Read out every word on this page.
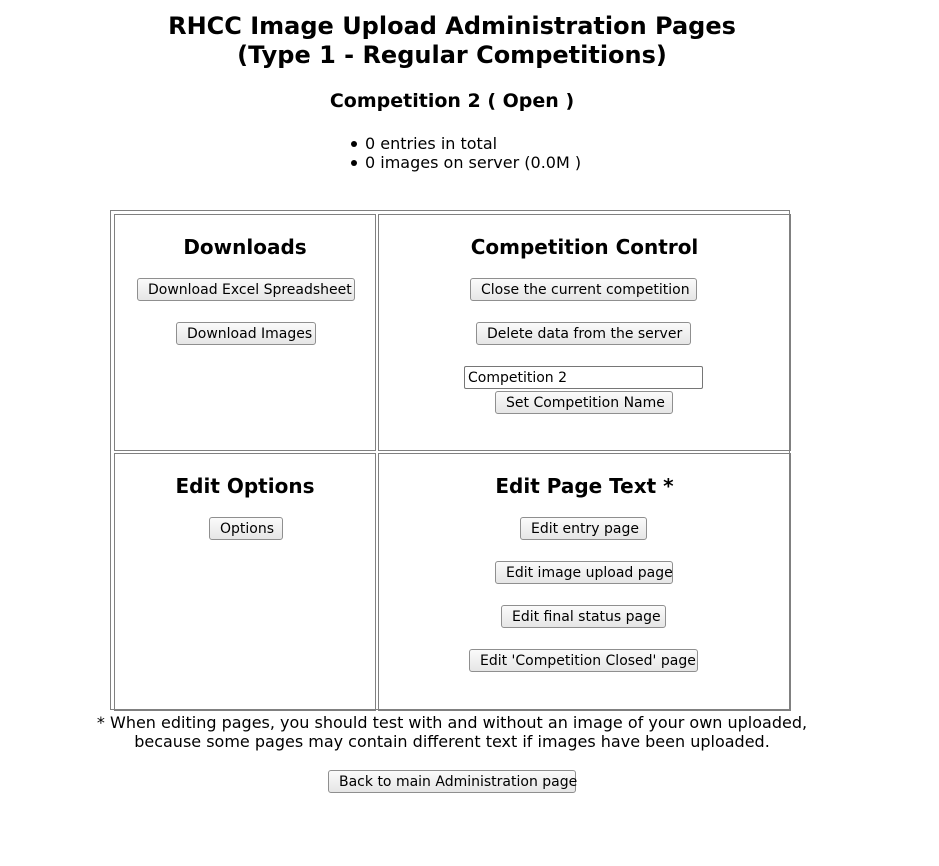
RHCC Image Upload Administration Pages
(Type 1 - Regular Competitions)
Competition 2 ( Open )
0 entries in total
0 images on server (0.0M )
Downloads
Download Excel Spreadsheet
Download Images
Competition Control
Close the current competition
Delete data from the server
Competition 2
Set Competition Name
Edit Options
Options
Edit Page Text *
Edit entry page
Edit image upload page
Edit final status page
Edit 'Competition Closed' page
* When editing pages, you should test with and without an image of your own uploaded,
because some pages may contain different text if images have been uploaded.
Back to main Administration page
